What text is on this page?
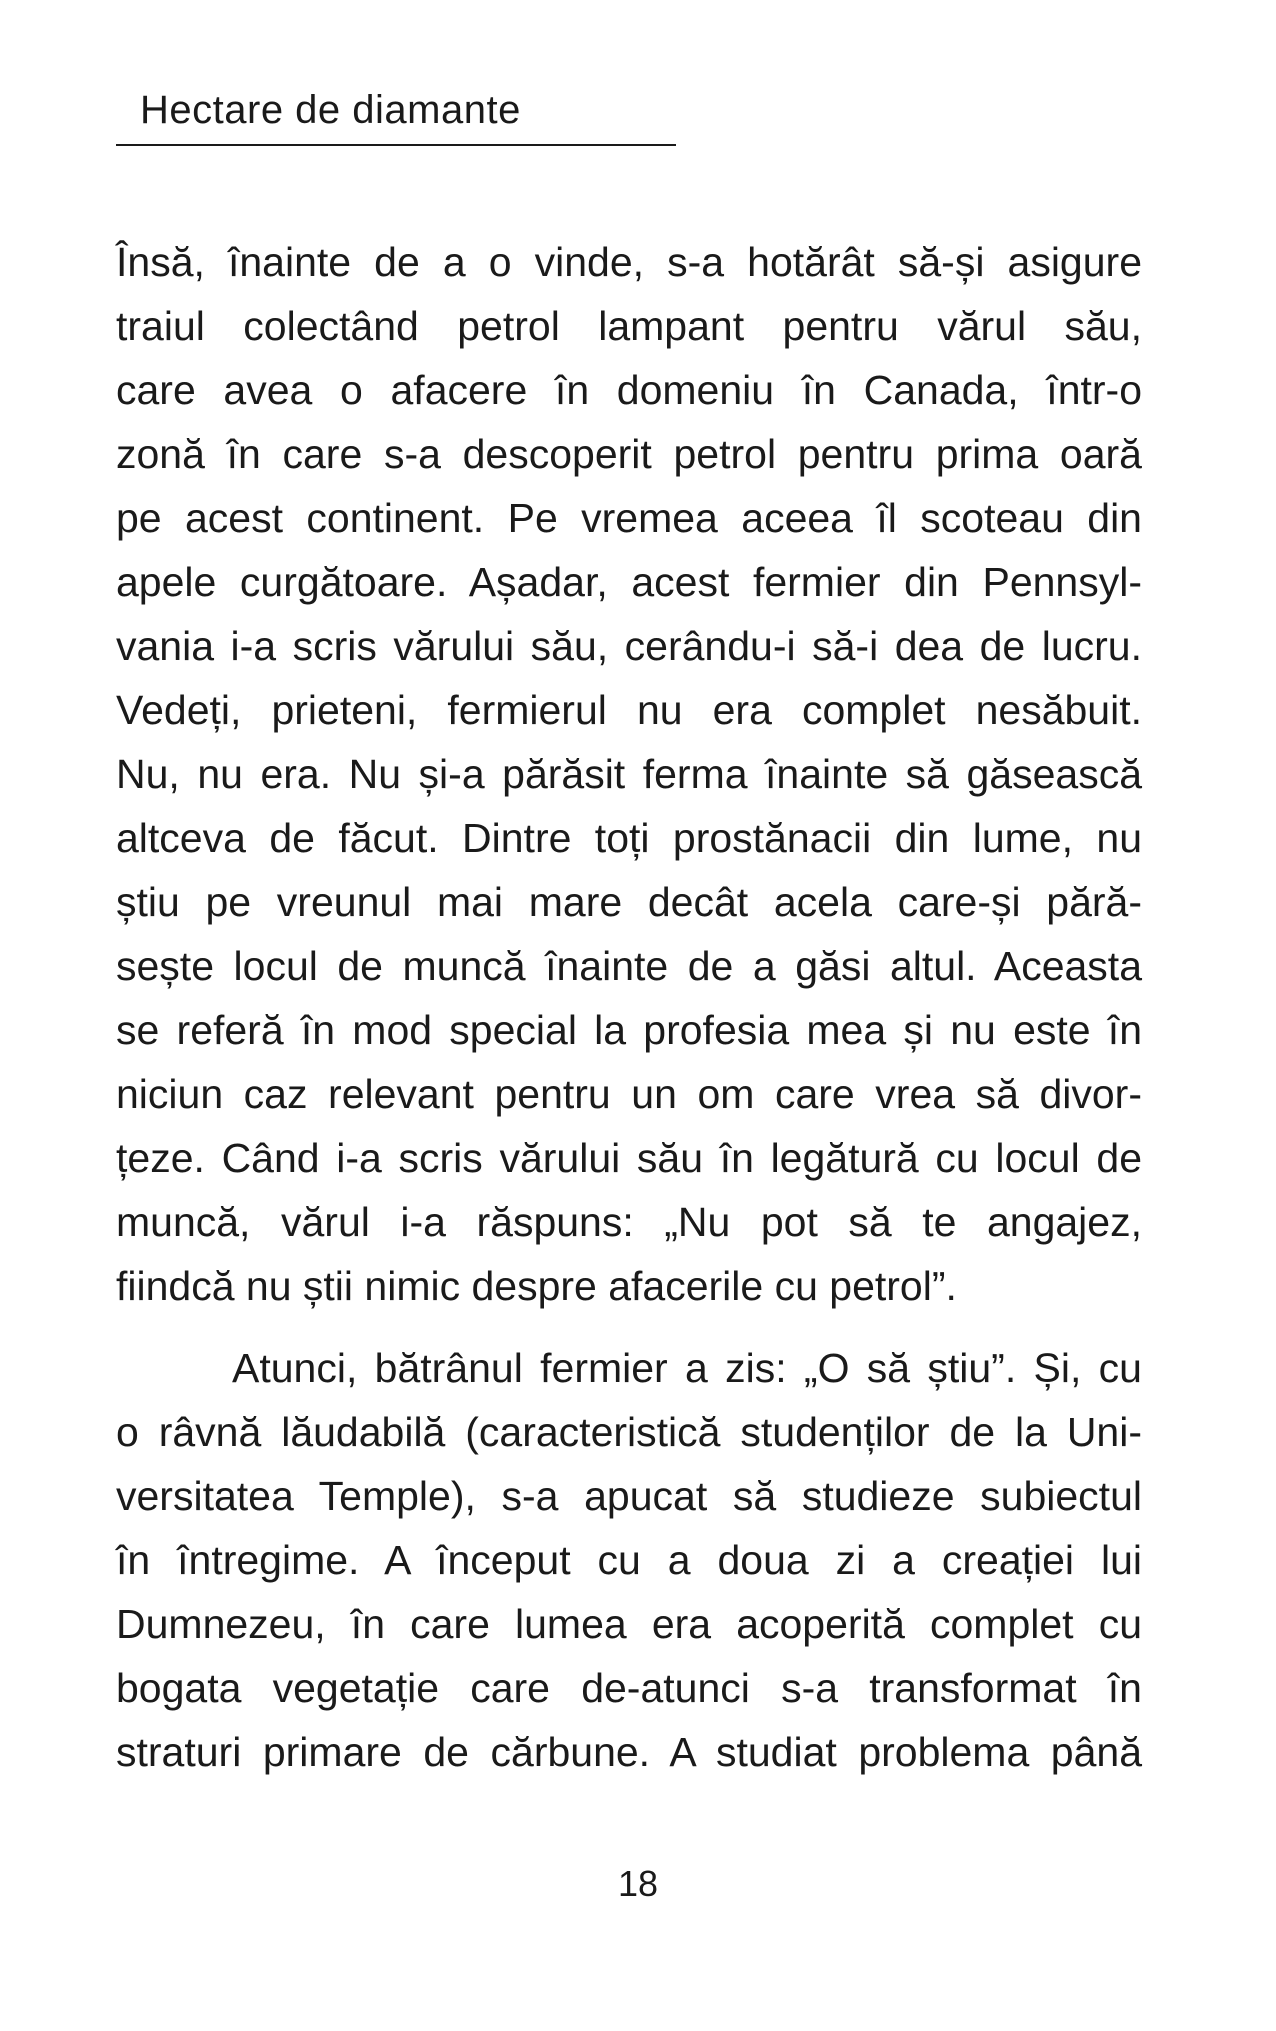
Hectare de diamante
Însă, înainte de a o vinde, s-a hotărât să-și asigure
traiul colectând petrol lampant pentru vărul său,
care avea o afacere în domeniu în Canada, într-o
zonă în care s-a descoperit petrol pentru prima oară
pe acest continent. Pe vremea aceea îl scoteau din
apele curgătoare. Așadar, acest fermier din Pennsyl-
vania i-a scris vărului său, cerându-i să-i dea de lucru.
Vedeți, prieteni, fermierul nu era complet nesăbuit.
Nu, nu era. Nu și-a părăsit ferma înainte să găsească
altceva de făcut. Dintre toți prostănacii din lume, nu
știu pe vreunul mai mare decât acela care-și pără-
sește locul de muncă înainte de a găsi altul. Aceasta
se referă în mod special la profesia mea și nu este în
niciun caz relevant pentru un om care vrea să divor-
țeze. Când i-a scris vărului său în legătură cu locul de
muncă, vărul i-a răspuns: „Nu pot să te angajez,
fiindcă nu știi nimic despre afacerile cu petrol”.
Atunci, bătrânul fermier a zis: „O să știu”. Și, cu
o râvnă lăudabilă (caracteristică studenților de la Uni-
versitatea Temple), s-a apucat să studieze subiectul
în întregime. A început cu a doua zi a creației lui
Dumnezeu, în care lumea era acoperită complet cu
bogata vegetație care de-atunci s-a transformat în
straturi primare de cărbune. A studiat problema până
18
